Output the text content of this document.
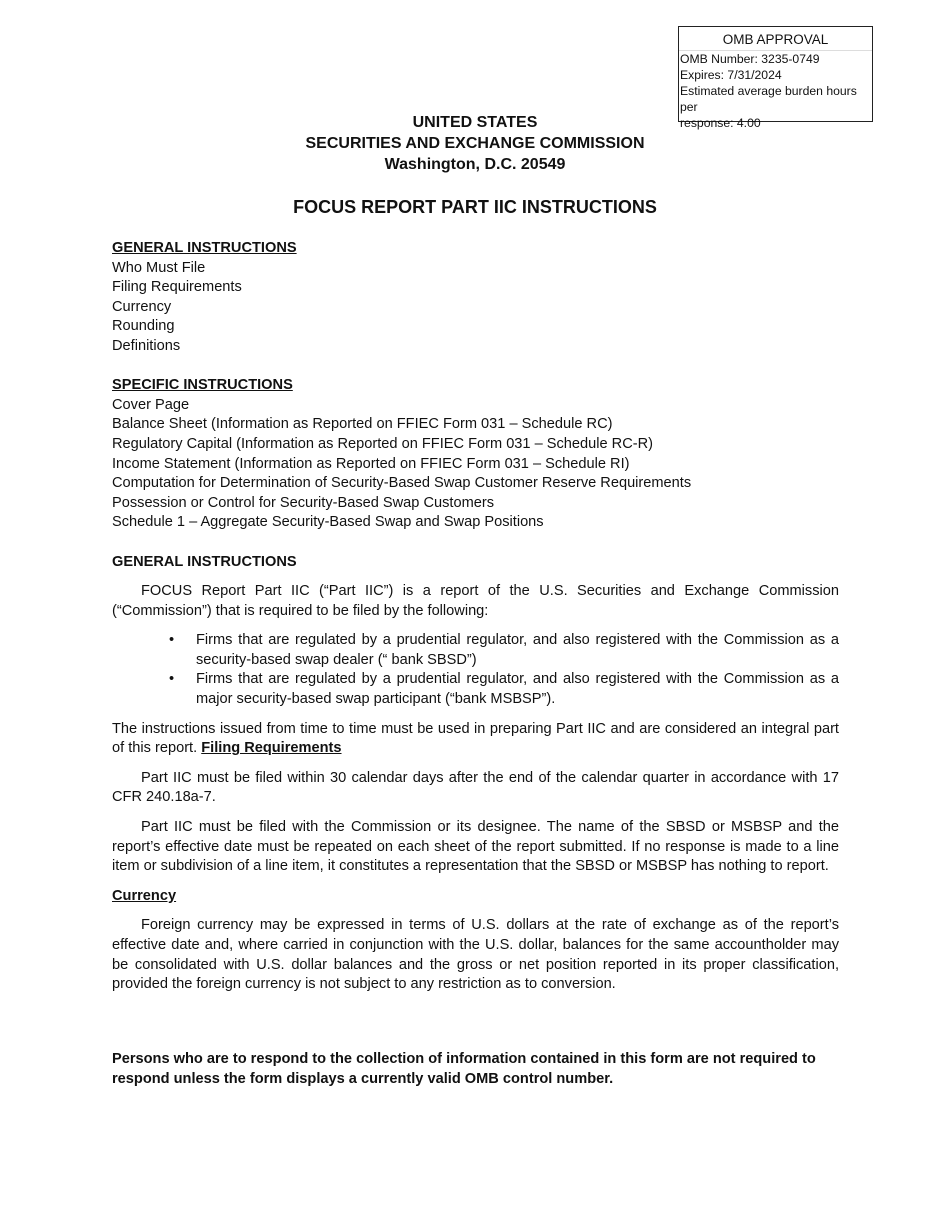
OMB APPROVAL
OMB Number: 3235-0749
Expires: 7/31/2024
Estimated average burden hours per
response: 4.00
UNITED STATES
SECURITIES AND EXCHANGE COMMISSION
Washington, D.C. 20549
FOCUS REPORT PART IIC INSTRUCTIONS
GENERAL INSTRUCTIONS
Who Must File
Filing Requirements
Currency
Rounding
Definitions
SPECIFIC INSTRUCTIONS
Cover Page
Balance Sheet (Information as Reported on FFIEC Form 031 – Schedule RC)
Regulatory Capital (Information as Reported on FFIEC Form 031 – Schedule RC-R)
Income Statement (Information as Reported on FFIEC Form 031 – Schedule RI)
Computation for Determination of Security-Based Swap Customer Reserve Requirements
Possession or Control for Security-Based Swap Customers
Schedule 1 – Aggregate Security-Based Swap and Swap Positions
GENERAL INSTRUCTIONS

FOCUS Report Part IIC (“Part IIC”) is a report of the U.S. Securities and Exchange Commission (“Commission”) that is required to be filed by the following:

• Firms that are regulated by a prudential regulator, and also registered with the Commission as a security-based swap dealer (“ bank SBSD”)
• Firms that are regulated by a prudential regulator, and also registered with the Commission as a major security-based swap participant (“bank MSBSP”).

The instructions issued from time to time must be used in preparing Part IIC and are considered an integral part of this report. Filing Requirements

Part IIC must be filed within 30 calendar days after the end of the calendar quarter in accordance with 17 CFR 240.18a-7.

Part IIC must be filed with the Commission or its designee. The name of the SBSD or MSBSP and the report’s effective date must be repeated on each sheet of the report submitted. If no response is made to a line item or subdivision of a line item, it constitutes a representation that the SBSD or MSBSP has nothing to report.

Currency

Foreign currency may be expressed in terms of U.S. dollars at the rate of exchange as of the report’s effective date and, where carried in conjunction with the U.S. dollar, balances for the same accountholder may be consolidated with U.S. dollar balances and the gross or net position reported in its proper classification, provided the foreign currency is not subject to any restriction as to conversion.

Persons who are to respond to the collection of information contained in this form are not required to respond unless the form displays a currently valid OMB control number.
